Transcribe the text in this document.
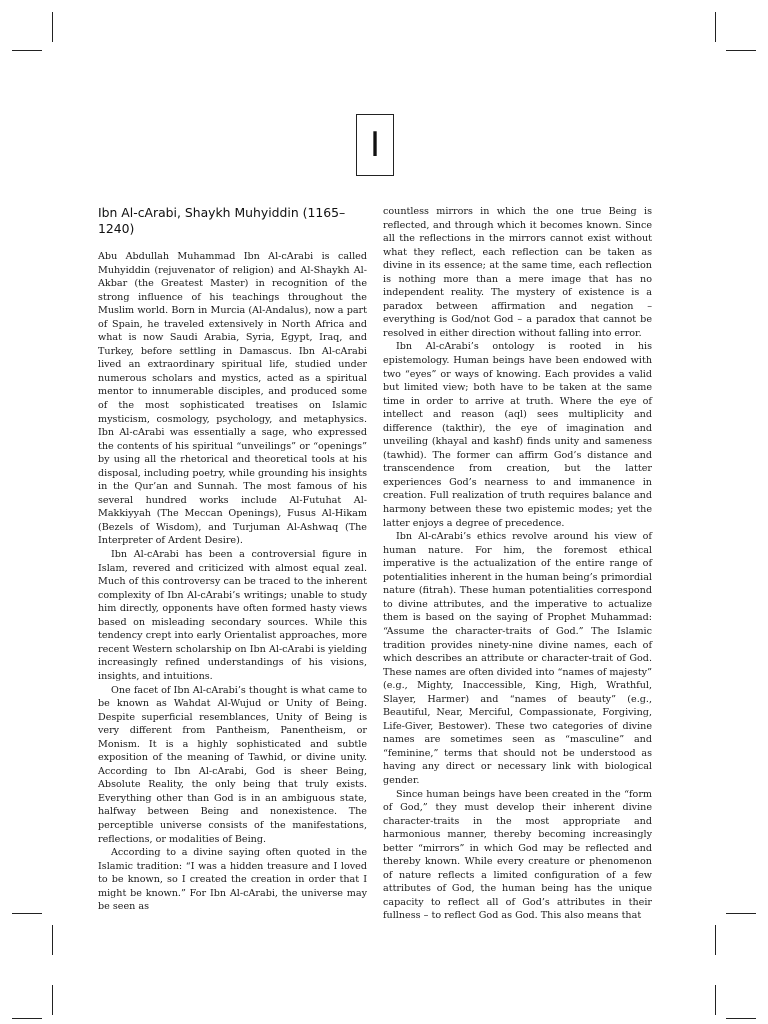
I
Ibn Al-cArabi, Shaykh Muhyiddin (1165–1240)

Abu Abdullah Muhammad Ibn Al-cArabi is called Muhyiddin (rejuvenator of religion) and Al-Shaykh Al-Akbar (the Greatest Master) in recognition of the strong influence of his teachings throughout the Muslim world. Born in Murcia (Al-Andalus), now a part of Spain, he traveled extensively in North Africa and what is now Saudi Arabia, Syria, Egypt, Iraq, and Turkey, before settling in Damascus. Ibn Al-cArabi lived an extraordinary spiritual life, studied under numerous scholars and mystics, acted as a spiritual mentor to innumerable disciples, and produced some of the most sophisticated treatises on Islamic mysticism, cosmology, psychology, and metaphysics. Ibn Al-cArabi was essentially a sage, who expressed the contents of his spiritual “unveilings” or “openings” by using all the rhetorical and theoretical tools at his disposal, including poetry, while grounding his insights in the Qur’an and Sunnah. The most famous of his several hundred works include Al-Futuhat Al-Makkiyyah (The Meccan Openings), Fusus Al-Hikam (Bezels of Wisdom), and Turjuman Al-Ashwaq (The Interpreter of Ardent Desire).

Ibn Al-cArabi has been a controversial figure in Islam, revered and criticized with almost equal zeal. Much of this controversy can be traced to the inherent complexity of Ibn Al-cArabi’s writings; unable to study him directly, opponents have often formed hasty views based on misleading secondary sources. While this tendency crept into early Orientalist approaches, more recent Western scholarship on Ibn Al-cArabi is yielding increasingly refined understandings of his visions, insights, and intuitions.

One facet of Ibn Al-cArabi’s thought is what came to be known as Wahdat Al-Wujud or Unity of Being. Despite superficial resemblances, Unity of Being is very different from Pantheism, Panentheism, or Monism. It is a highly sophisticated and subtle exposition of the meaning of Tawhid, or divine unity. According to Ibn Al-cArabi, God is sheer Being, Absolute Reality, the only being that truly exists. Everything other than God is in an ambiguous state, halfway between Being and nonexistence. The perceptible universe consists of the manifestations, reflections, or modalities of Being.

According to a divine saying often quoted in the Islamic tradition: “I was a hidden treasure and I loved to be known, so I created the creation in order that I might be known.” For Ibn Al-cArabi, the universe may be seen as

countless mirrors in which the one true Being is reflected, and through which it becomes known. Since all the reflections in the mirrors cannot exist without what they reflect, each reflection can be taken as divine in its essence; at the same time, each reflection is nothing more than a mere image that has no independent reality. The mystery of existence is a paradox between affirmation and negation – everything is God/not God – a paradox that cannot be resolved in either direction without falling into error.

Ibn Al-cArabi’s ontology is rooted in his epistemology. Human beings have been endowed with two “eyes” or ways of knowing. Each provides a valid but limited view; both have to be taken at the same time in order to arrive at truth. Where the eye of intellect and reason (aql) sees multiplicity and difference (takthir), the eye of imagination and unveiling (khayal and kashf) finds unity and sameness (tawhid). The former can affirm God’s distance and transcendence from creation, but the latter experiences God’s nearness to and immanence in creation. Full realization of truth requires balance and harmony between these two epistemic modes; yet the latter enjoys a degree of precedence.

Ibn Al-cArabi’s ethics revolve around his view of human nature. For him, the foremost ethical imperative is the actualization of the entire range of potentialities inherent in the human being’s primordial nature (fitrah). These human potentialities correspond to divine attributes, and the imperative to actualize them is based on the saying of Prophet Muhammad: “Assume the character-traits of God.” The Islamic tradition provides ninety-nine divine names, each of which describes an attribute or character-trait of God. These names are often divided into “names of majesty” (e.g., Mighty, Inaccessible, King, High, Wrathful, Slayer, Harmer) and “names of beauty” (e.g., Beautiful, Near, Merciful, Compassionate, Forgiving, Life-Giver, Bestower). These two categories of divine names are sometimes seen as “masculine” and “feminine,” terms that should not be understood as having any direct or necessary link with biological gender.

Since human beings have been created in the “form of God,” they must develop their inherent divine character-traits in the most appropriate and harmonious manner, thereby becoming increasingly better “mirrors” in which God may be reflected and thereby known. While every creature or phenomenon of nature reflects a limited configuration of a few attributes of God, the human being has the unique capacity to reflect all of God’s attributes in their fullness – to reflect God as God. This also means that
